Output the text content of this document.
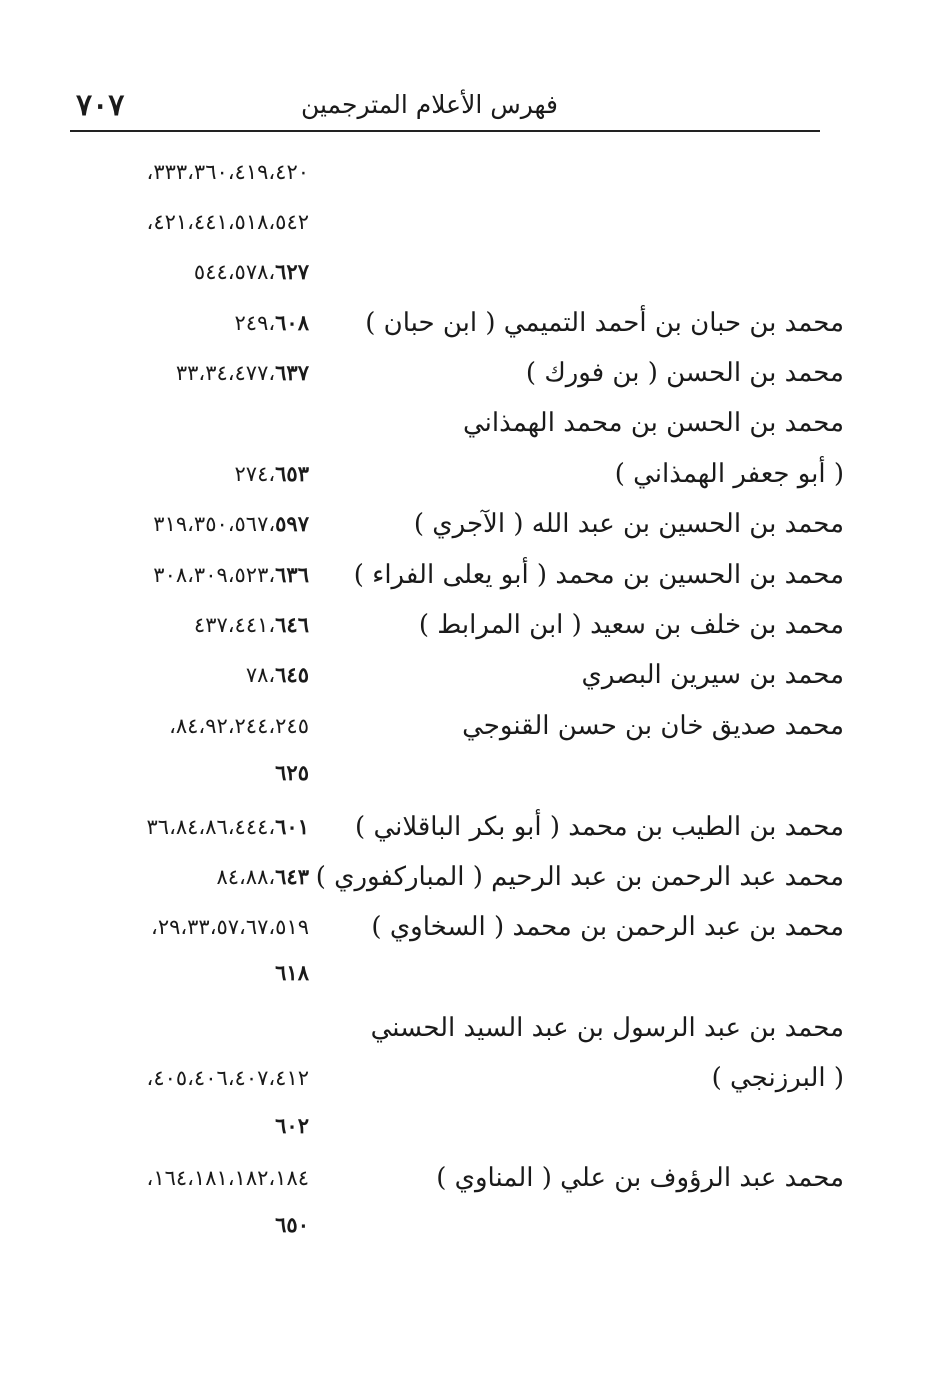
٧٠٧	فهرس الأعلام المترجمين
٣٣٣،٣٦٠،٤١٩،٤٢٠،
٤٢١،٤٤١،٥١٨،٥٤٢،
٥٤٤،٥٧٨،٦٢٧
محمد بن حبان بن أحمد التميمي ( ابن حبان )
٢٤٩،٦٠٨
محمد بن الحسن ( بن فورك )
٣٣،٣٤،٤٧٧،٦٣٧
محمد بن الحسن بن محمد الهمذاني
( أبو جعفر الهمذاني )
٢٧٤،٦٥٣
محمد بن الحسين بن عبد الله ( الآجري )
٣١٩،٣٥٠،٥٦٧،٥٩٧
محمد بن الحسين بن محمد ( أبو يعلى الفراء )
٣٠٨،٣٠٩،٥٢٣،٦٣٦
محمد بن خلف بن سعيد ( ابن المرابط )
٤٣٧،٤٤١،٦٤٦
محمد بن سيرين البصري
٧٨،٦٤٥
محمد صديق خان بن حسن القنوجي
٨٤،٩٢،٢٤٤،٢٤٥،
٦٢٥
محمد بن الطيب بن محمد ( أبو بكر الباقلاني )
٣٦،٨٤،٨٦،٤٤٤،٦٠١
محمد عبد الرحمن بن عبد الرحيم ( المباركفوري )
٨٤،٨٨،٦٤٣
محمد بن عبد الرحمن بن محمد ( السخاوي )
٢٩،٣٣،٥٧،٦٧،٥١٩،
٦١٨
محمد بن عبد الرسول بن عبد السيد الحسني
( البرزنجي )
٤٠٥،٤٠٦،٤٠٧،٤١٢،
٦٠٢
محمد عبد الرؤوف بن علي ( المناوي )
١٦٤،١٨١،١٨٢،١٨٤،
٦٥٠
